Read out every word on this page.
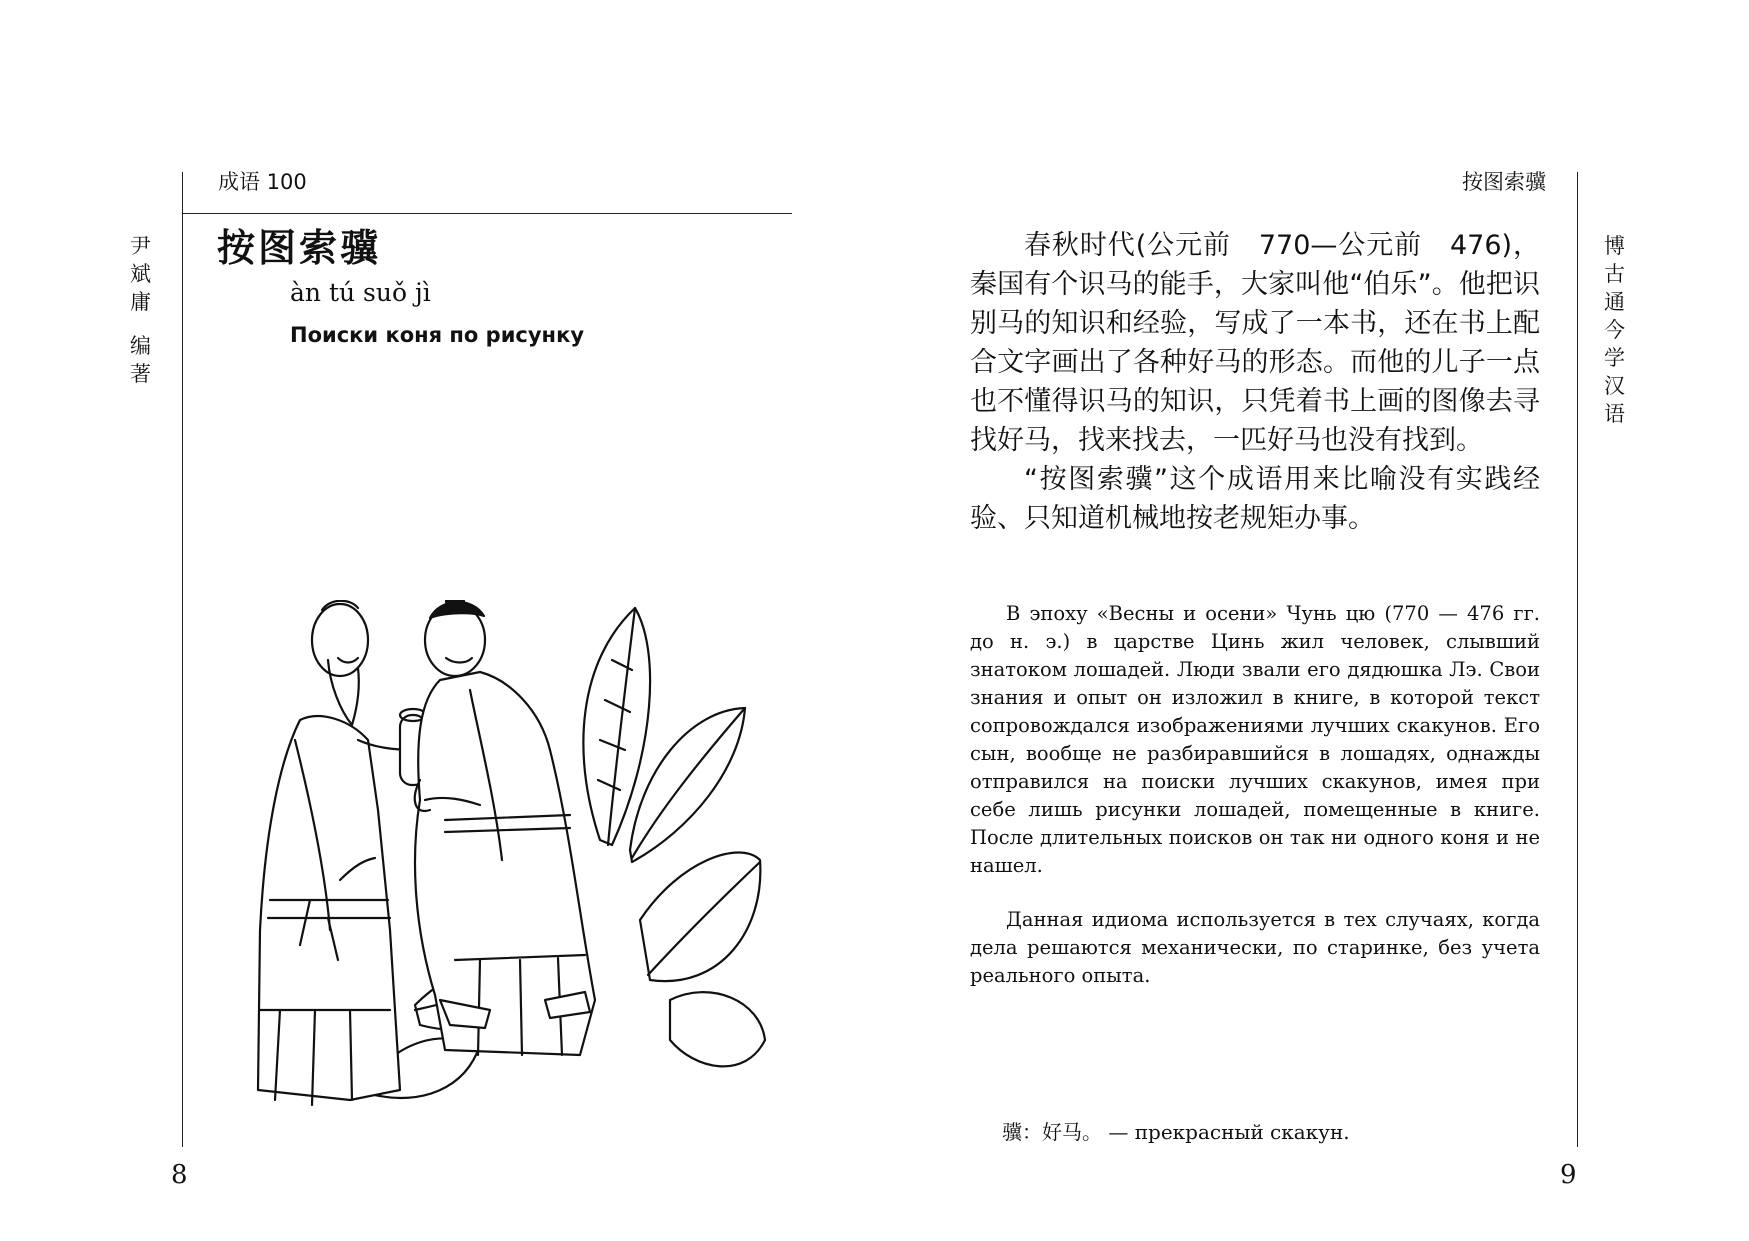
尹
斌
庸
编
著
博
古
通
今
学
汉
语
成语 100	按图索骥
按图索骥
àn tú suǒ jì
Поиски коня по рисунку

春秋时代(公元前　770—公元前　476)，秦国有个识马的能手，大家叫他“伯乐”。他把识别马的知识和经验，写成了一本书，还在书上配合文字画出了各种好马的形态。而他的儿子一点也不懂得识马的知识，只凭着书上画的图像去寻找好马，找来找去，一匹好马也没有找到。

“按图索骥”这个成语用来比喻没有实践经验、只知道机械地按老规矩办事。

В эпоху «Весны и осени» Чунь цю (770 — 476 гг. до н. э.) в царстве Цинь жил человек, слывший знатоком лошадей. Люди звали его дядюшка Лэ. Свои знания и опыт он изложил в книге, в которой текст сопровождался изображениями лучших скакунов. Его сын, вообще не разбиравшийся в лошадях, однажды отправился на поиски лучших скакунов, имея при себе лишь рисунки лошадей, помещенные в книге. После длительных поисков он так ни одного коня и не нашел.

Данная идиома используется в тех случаях, когда дела решаются механически, по старинке, без учета реального опыта.

骥：好马。 — прекрасный скакун.
8	9
